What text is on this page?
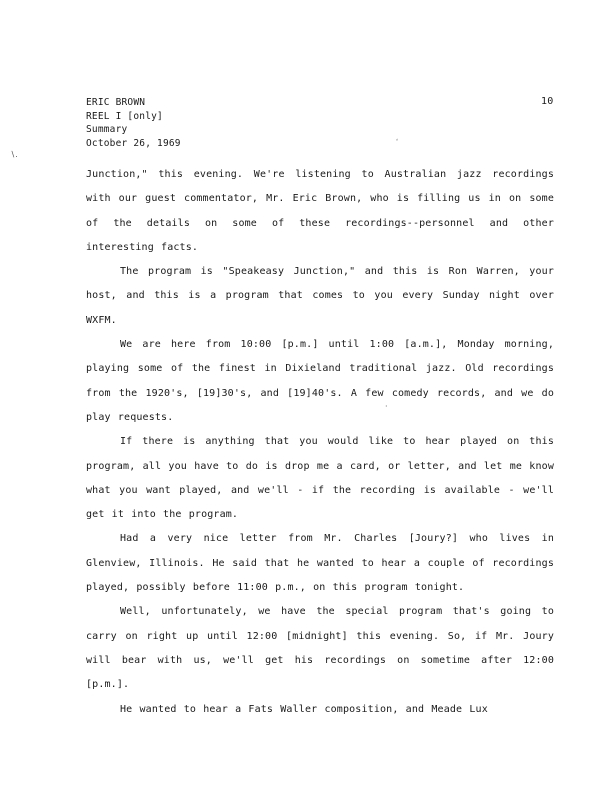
ERIC BROWN
REEL I [only]
Summary
October 26, 1969
10
′
∖.
·

Junction," this evening. We're listening to Australian jazz recordings with our guest commentator, Mr. Eric Brown, who is filling us in on some of the details on some of these recordings--personnel and other interesting facts.

The program is "Speakeasy Junction," and this is Ron Warren, your host, and this is a program that comes to you every Sunday night over WXFM.

We are here from 10:00 [p.m.] until 1:00 [a.m.], Monday morning, playing some of the finest in Dixieland traditional jazz. Old recordings from the 1920's, [19]30's, and [19]40's. A few comedy records, and we do play requests.

If there is anything that you would like to hear played on this program, all you have to do is drop me a card, or letter, and let me know what you want played, and we'll - if the recording is available - we'll get it into the program.

Had a very nice letter from Mr. Charles [Joury?] who lives in Glenview, Illinois. He said that he wanted to hear a couple of recordings played, possibly before 11:00 p.m., on this program tonight.

Well, unfortunately, we have the special program that's going to carry on right up until 12:00 [midnight] this evening. So, if Mr. Joury will bear with us, we'll get his recordings on sometime after 12:00 [p.m.].

He wanted to hear a Fats Waller composition, and Meade Lux
